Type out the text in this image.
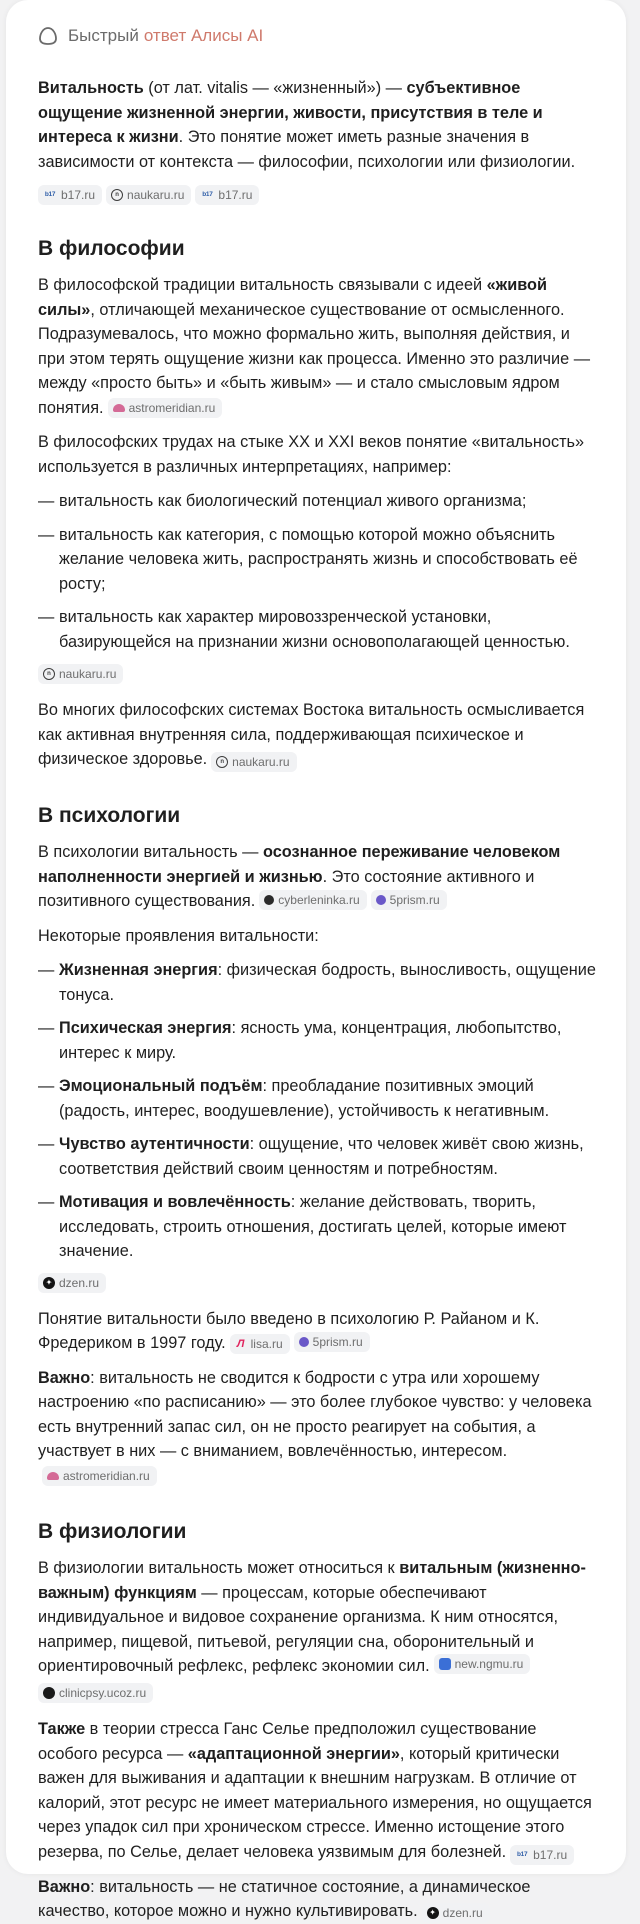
Быстрый ответ Алисы AI

Витальность (от лат. vitalis — «жизненный») — субъективное ощущение жизненной энергии, живости, присутствия в теле и интереса к жизни. Это понятие может иметь разные значения в зависимости от контекста — философии, психологии или физиологии.

b17 b17.ru	n naukaru.ru	b17 b17.ru
В философии

В философской традиции витальность связывали с идеей «живой силы», отличающей механическое существование от осмысленного. Подразумевалось, что можно формально жить, выполняя действия, и при этом терять ощущение жизни как процесса. Именно это различие — между «просто быть» и «быть живым» — и стало смысловым ядром понятия. astromeridian.ru

В философских трудах на стыке XX и XXI веков понятие «витальность» используется в различных интерпретациях, например:

— витальность как биологический потенциал живого организма;
— витальность как категория, с помощью которой можно объяснить желание человека жить, распространять жизнь и способствовать её росту;
— витальность как характер мировоззренческой установки, базирующейся на признании жизни основополагающей ценностью.
n naukaru.ru

Во многих философских системах Востока витальность осмысливается как активная внутренняя сила, поддерживающая психическое и физическое здоровье.	n naukaru.ru

В психологии

В психологии витальность — осознанное переживание человеком наполненности энергией и жизнью. Это состояние активного и позитивного существования. cyberleninka.ru	5prism.ru

Некоторые проявления витальности:

— Жизненная энергия: физическая бодрость, выносливость, ощущение тонуса.
— Психическая энергия: ясность ума, концентрация, любопытство, интерес к миру.
— Эмоциональный подъём: преобладание позитивных эмоций (радость, интерес, воодушевление), устойчивость к негативным.
— Чувство аутентичности: ощущение, что человек живёт свою жизнь, соответствия действий своим ценностям и потребностям.
— Мотивация и вовлечённость: желание действовать, творить, исследовать, строить отношения, достигать целей, которые имеют значение.
✦ dzen.ru

Понятие витальности было введено в психологию Р. Райаном и К. Фредериком в 1997 году. Л lisa.ru	5prism.ru

Важно: витальность не сводится к бодрости с утра или хорошему настроению «по расписанию» — это более глубокое чувство: у человека есть внутренний запас сил, он не просто реагирует на события, а участвует в них — с вниманием, вовлечённостью, интересом.
astromeridian.ru

В физиологии

В физиологии витальность может относиться к витальным (жизненно-важным) функциям — процессам, которые обеспечивают индивидуальное и видовое сохранение организма. К ним относятся, например, пищевой, питьевой, регуляции сна, оборонительный и ориентировочный рефлекс, рефлекс экономии сил. new.ngmu.ru

clinicpsy.ucoz.ru

Также в теории стресса Ганс Селье предположил существование особого ресурса — «адаптационной энергии», который критически важен для выживания и адаптации к внешним нагрузкам. В отличие от калорий, этот ресурс не имеет материального измерения, но ощущается через упадок сил при хроническом стрессе. Именно истощение этого резерва, по Селье, делает человека уязвимым для болезней. b17 b17.ru

Важно: витальность — не статичное состояние, а динамическое качество, которое можно и нужно культивировать.	✦ dzen.ru
